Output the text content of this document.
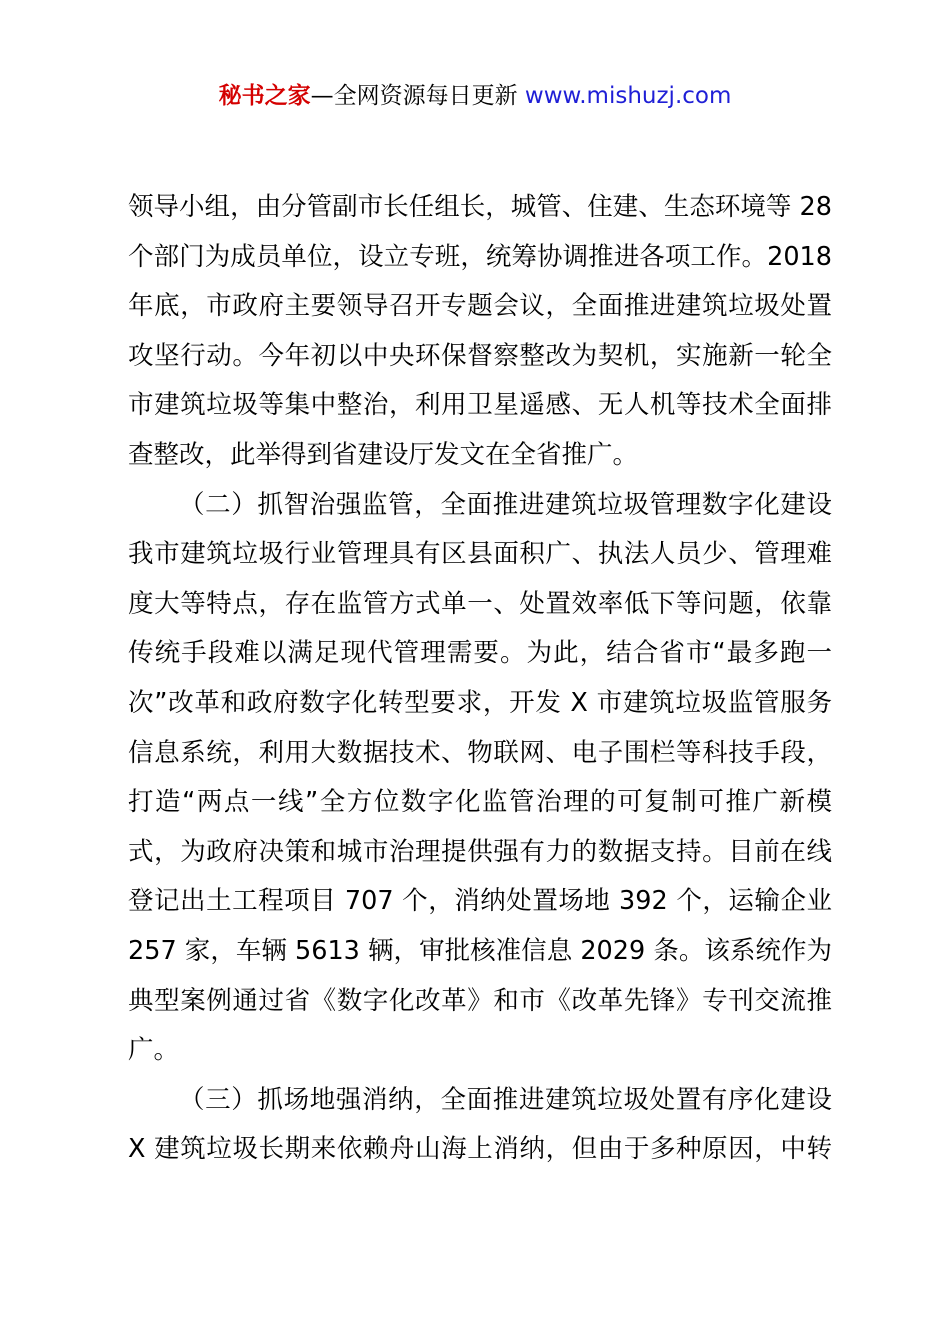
秘书之家—全网资源每日更新 www.mishuzj.com
领导小组，由分管副市长任组长，城管、住建、生态环境等 28
个部门为成员单位，设立专班，统筹协调推进各项工作。2018
年底，市政府主要领导召开专题会议，全面推进建筑垃圾处置
攻坚行动。今年初以中央环保督察整改为契机，实施新一轮全
市建筑垃圾等集中整治，利用卫星遥感、无人机等技术全面排
查整改，此举得到省建设厅发文在全省推广。
（二）抓智治强监管，全面推进建筑垃圾管理数字化建设
我市建筑垃圾行业管理具有区县面积广、执法人员少、管理难
度大等特点，存在监管方式单一、处置效率低下等问题，依靠
传统手段难以满足现代管理需要。为此，结合省市“最多跑一
次”改革和政府数字化转型要求，开发 X 市建筑垃圾监管服务
信息系统，利用大数据技术、物联网、电子围栏等科技手段，
打造“两点一线”全方位数字化监管治理的可复制可推广新模
式，为政府决策和城市治理提供强有力的数据支持。目前在线
登记出土工程项目 707 个，消纳处置场地 392 个，运输企业
257 家，车辆 5613 辆，审批核准信息 2029 条。该系统作为
典型案例通过省《数字化改革》和市《改革先锋》专刊交流推
广。
（三）抓场地强消纳，全面推进建筑垃圾处置有序化建设
X 建筑垃圾长期来依赖舟山海上消纳，但由于多种原因，中转
